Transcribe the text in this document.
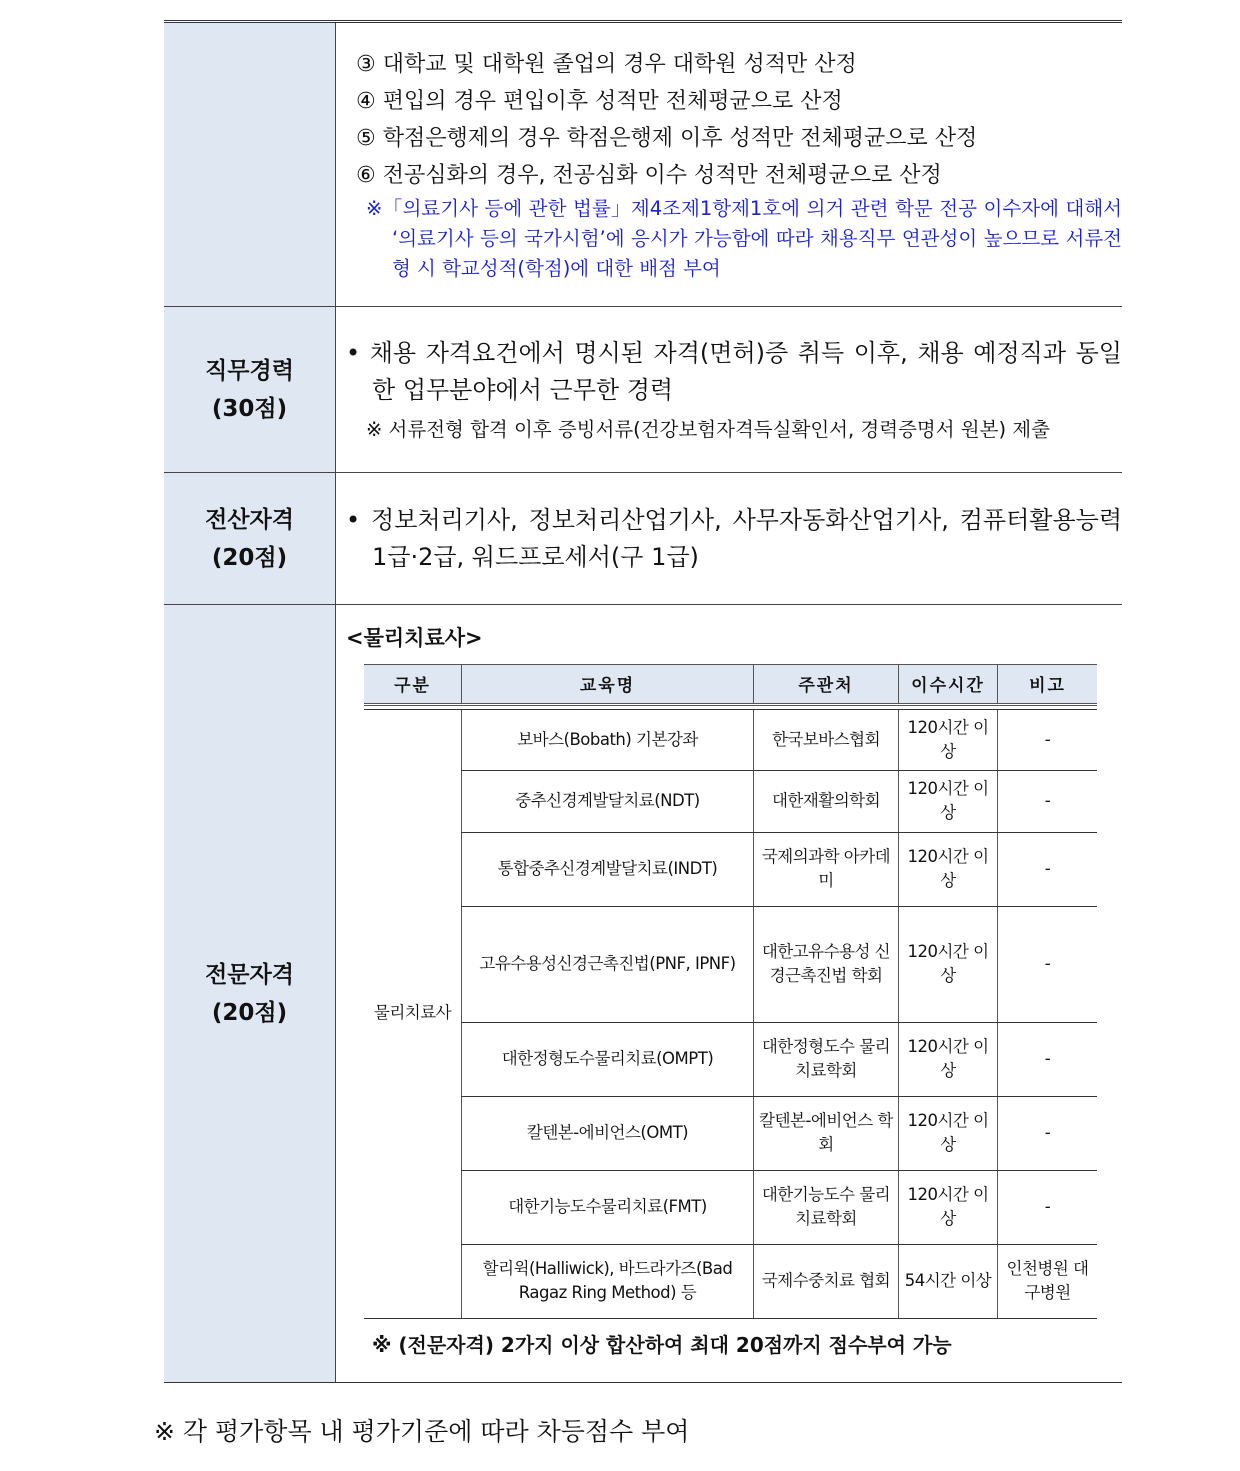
③ 대학교 및 대학원 졸업의 경우 대학원 성적만 산정
④ 편입의 경우 편입이후 성적만 전체평균으로 산정
⑤ 학점은행제의 경우 학점은행제 이후 성적만 전체평균으로 산정
⑥ 전공심화의 경우, 전공심화 이수 성적만 전체평균으로 산정
※「의료기사 등에 관한 법률」제4조제1항제1호에 의거 관련 학문 전공 이수자에 대해서 ‘의료기사 등의 국가시험’에 응시가 가능함에 따라 채용직무 연관성이 높으므로 서류전형 시 학교성적(학점)에 대한 배점 부여

직무경력
(30점)

• 채용 자격요건에서 명시된 자격(면허)증 취득 이후, 채용 예정직과 동일한 업무분야에서 근무한 경력
※ 서류전형 합격 이후 증빙서류(건강보험자격득실확인서, 경력증명서 원본) 제출

전산자격
(20점)

• 정보처리기사, 정보처리산업기사, 사무자동화산업기사, 컴퓨터활용능력 1급·2급, 워드프로세서(구 1급)

전문자격
(20점)

<물리치료사>
구분	교육명	주관처	이수시간	비고

물리치료사	보바스(Bobath) 기본강좌	한국보바스협회	120시간 이상	-
중추신경계발달치료(NDT)	대한재활의학회	120시간 이상	-
통합중추신경계발달치료(INDT)	국제의과학 아카데미	120시간 이상	-
고유수용성신경근촉진법(PNF, IPNF)	대한고유수용성 신경근촉진법 학회	120시간 이상	-
대한정형도수물리치료(OMPT)	대한정형도수 물리치료학회	120시간 이상	-
칼텐본-에비언스(OMT)	칼텐본-에비언스 학회	120시간 이상	-
대한기능도수물리치료(FMT)	대한기능도수 물리치료학회	120시간 이상	-
할리윅(Halliwick), 바드라가즈(Bad Ragaz Ring Method) 등	국제수중치료 협회	54시간 이상	인천병원 대구병원
※ (전문자격) 2가지 이상 합산하여 최대 20점까지 점수부여 가능
※ 각 평가항목 내 평가기준에 따라 차등점수 부여
